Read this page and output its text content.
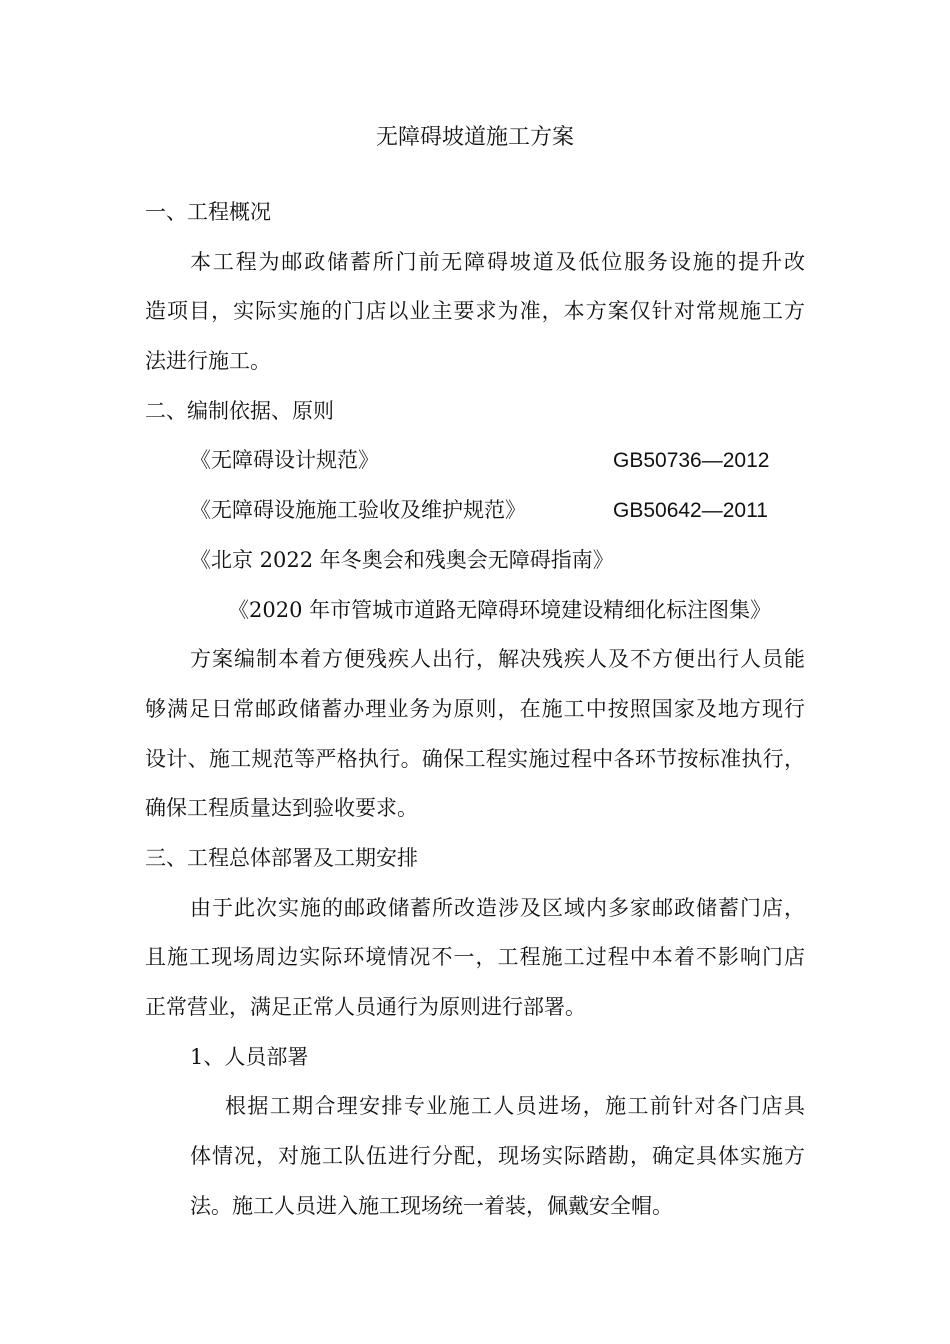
无障碍坡道施工方案
一、工程概况
本工程为邮政储蓄所门前无障碍坡道及低位服务设施的提升改
造项目，实际实施的门店以业主要求为准，本方案仅针对常规施工方
法进行施工。
二、编制依据、原则
《无障碍设计规范》	GB50736—2012
《无障碍设施施工验收及维护规范》	GB50642—2011
《北京 2022 年冬奥会和残奥会无障碍指南》
《2020 年市管城市道路无障碍环境建设精细化标注图集》
方案编制本着方便残疾人出行，解决残疾人及不方便出行人员能
够满足日常邮政储蓄办理业务为原则，在施工中按照国家及地方现行
设计、施工规范等严格执行。确保工程实施过程中各环节按标准执行，
确保工程质量达到验收要求。
三、工程总体部署及工期安排
由于此次实施的邮政储蓄所改造涉及区域内多家邮政储蓄门店，
且施工现场周边实际环境情况不一，工程施工过程中本着不影响门店
正常营业，满足正常人员通行为原则进行部署。
1、人员部署
根据工期合理安排专业施工人员进场，施工前针对各门店具
体情况，对施工队伍进行分配，现场实际踏勘，确定具体实施方
法。施工人员进入施工现场统一着装，佩戴安全帽。
